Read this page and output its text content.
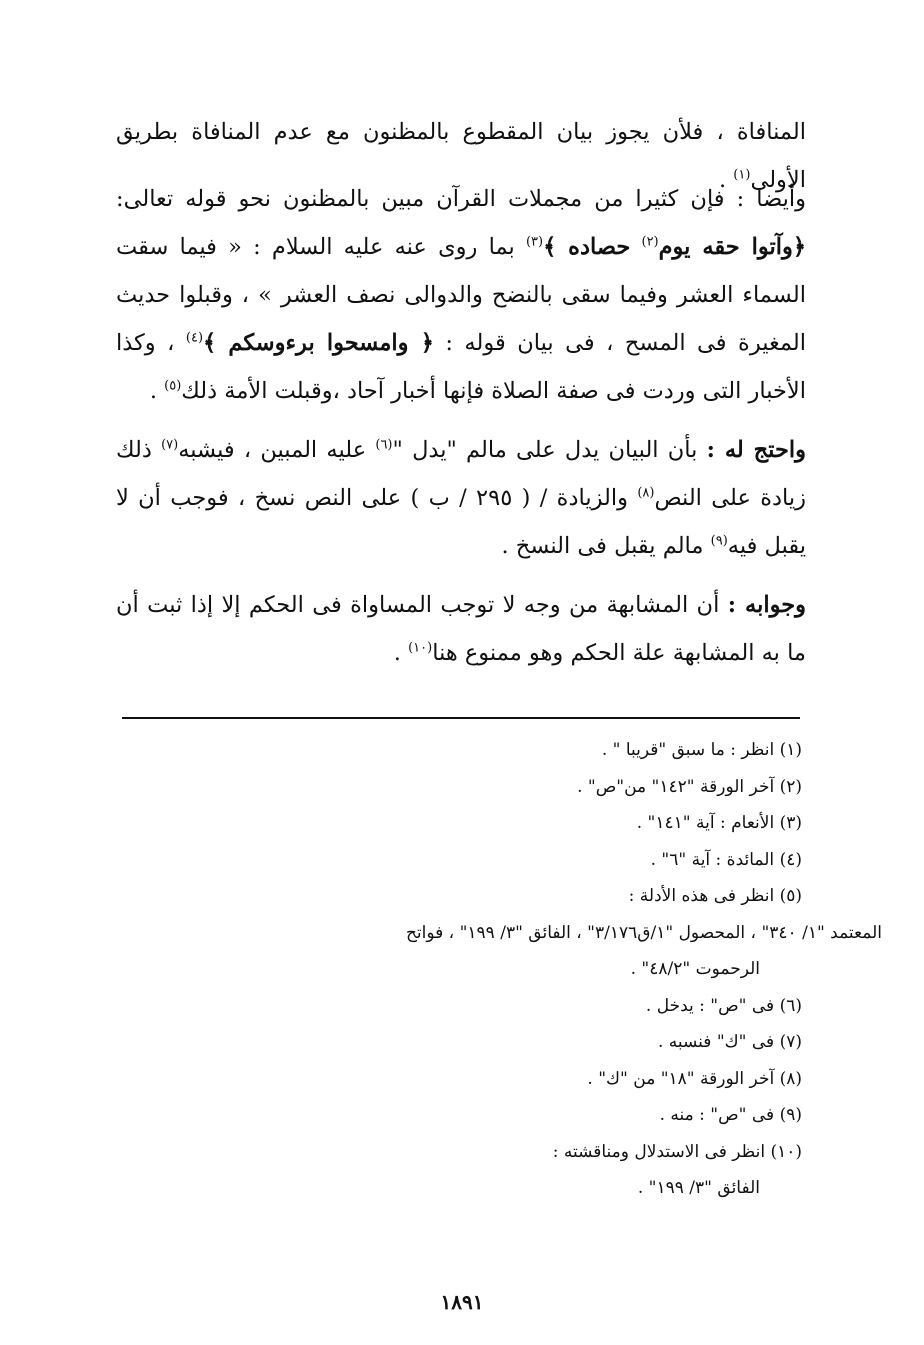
المنافاة ، فلأن يجوز بيان المقطوع بالمظنون مع عدم المنافاة بطريق الأولى$^{(١)}$ .

وأيضا : فإن كثيرا من مجملات القرآن مبين بالمظنون نحو قوله تعالى: ﴿وآتوا حقه يوم$^{(٢)}$ حصاده ﴾$^{(٣)}$ بما روى عنه عليه السلام : « فيما سقت السماء العشر وفيما سقى بالنضح والدوالى نصف العشر » ، وقبلوا حديث المغيرة فى المسح ، فى بيان قوله : ﴿ وامسحوا برءوسكم ﴾$^{(٤)}$ ، وكذا الأخبار التى وردت فى صفة الصلاة فإنها أخبار آحاد ،وقبلت الأمة ذلك$^{(٥)}$ .

واحتج له : بأن البيان يدل على مالم "يدل "$^{(٦)}$ عليه المبين ، فيشبه$^{(٧)}$ ذلك زيادة على النص$^{(٨)}$ والزيادة / ( ٢٩٥ / ب ) على النص نسخ ، فوجب أن لا يقبل فيه$^{(٩)}$ مالم يقبل فى النسخ .

وجوابه : أن المشابهة من وجه لا توجب المساواة فى الحكم إلا إذا ثبت أن ما به المشابهة علة الحكم وهو ممنوع هنا$^{(١٠)}$ .

(١) انظر : ما سبق "قريبا " .
(٢) آخر الورقة "١٤٢" من"ص" .
(٣) الأنعام : آية "١٤١" .
(٤) المائدة : آية "٦" .
(٥) انظر فى هذه الأدلة :
المعتمد "١/ ٣٤٠" ، المحصول "١/ق٣/١٧٦" ، الفائق "٣/ ١٩٩" ، فواتح
الرحموت "٤٨/٢" .
(٦) فى "ص" : يدخل .
(٧) فى "ك" فنسبه .
(٨) آخر الورقة "١٨" من "ك" .
(٩) فى "ص" : منه .
(١٠) انظر فى الاستدلال ومناقشته :
الفائق "٣/ ١٩٩" .
١٨٩١
